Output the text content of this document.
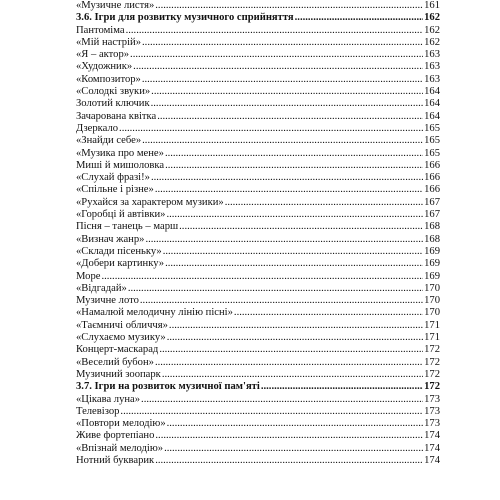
«Музичне листя» .....	161
3.6. Ігри для розвитку музичного сприйняття .....	162
Пантоміма .....	162
«Мій настрій» .....	162
«Я – актор» .....	163
«Художник» .....	163
«Композитор» .....	163
«Солодкі звуки» .....	164
Золотий ключик .....	164
Зачарована квітка .....	164
Дзеркало .....	165
«Знайди себе» .....	165
«Музика про мене» .....	165
Миші й мишоловка .....	166
«Слухай фразі!» .....	166
«Спільне і різне» .....	166
«Рухайся за характером музики» .....	167
«Горобці й автівки» .....	167
Пісня – танець – марш .....	168
«Визнач жанр» .....	168
«Склади пісеньку» .....	169
«Добери картинку» .....	169
Море .....	169
«Відгадай» .....	170
Музичне лото .....	170
«Намалюй мелодичну лінію пісні» .....	170
«Таємничі обличчя» .....	171
«Слухаємо музику» .....	171
Концерт-маскарад .....	172
«Веселий бубон» .....	172
Музичний зоопарк .....	172
3.7. Ігри на розвиток музичної пам'яті .....	172
«Цікава луна» .....	173
Телевізор .....	173
«Повтори мелодію» .....	173
Живе фортепіано .....	174
«Впізнай мелодію» .....	174
Нотний букварик .....	174
